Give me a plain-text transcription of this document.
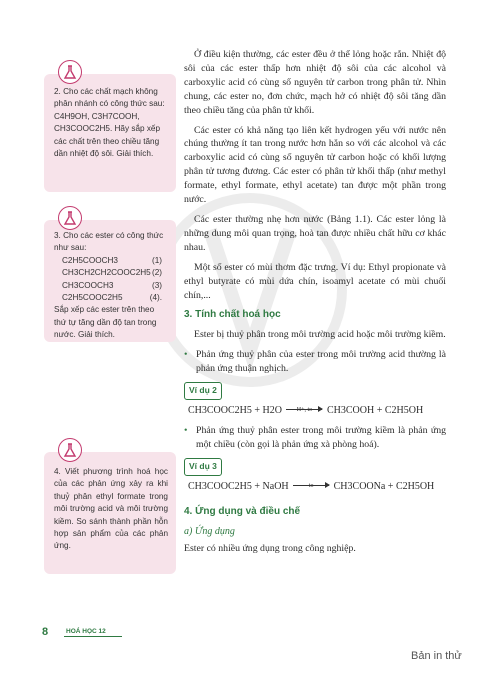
2. Cho các chất mạch không phân nhánh có công thức sau: C4H9OH, C3H7COOH, CH3COOC2H5. Hãy sắp xếp các chất trên theo chiều tăng dần nhiệt độ sôi. Giải thích.
3. Cho các ester có công thức như sau:
C2H5COOCH3	(1)
CH3CH2CH2COOC2H5 (2)
CH3COOCH3	(3)
C2H5COOC2H5	(4).
Sắp xếp các ester trên theo thứ tự tăng dần độ tan trong nước. Giải thích.
4. Viết phương trình hoá học của các phản ứng xảy ra khi thuỷ phân ethyl formate trong môi trường acid và môi trường kiềm. So sánh thành phần hỗn hợp sản phẩm của các phản ứng.

Ở điều kiện thường, các ester đều ở thể lỏng hoặc rắn. Nhiệt độ sôi của các ester thấp hơn nhiệt độ sôi của các alcohol và carboxylic acid có cùng số nguyên tử carbon trong phân tử. Nhìn chung, các ester no, đơn chức, mạch hở có nhiệt độ sôi tăng dần theo chiều tăng của phân tử khối.

Các ester có khả năng tạo liên kết hydrogen yếu với nước nên chúng thường ít tan trong nước hơn hẳn so với các alcohol và các carboxylic acid có cùng số nguyên tử carbon hoặc có khối lượng phân tử tương đương. Các ester có phân tử khối thấp (như methyl formate, ethyl formate, ethyl acetate) tan được một phần trong nước.

Các ester thường nhẹ hơn nước (Bảng 1.1). Các ester lỏng là những dung môi quan trọng, hoà tan được nhiều chất hữu cơ khác nhau.

Một số ester có mùi thơm đặc trưng. Ví dụ: Ethyl propionate và ethyl butyrate có mùi dứa chín, isoamyl acetate có mùi chuối chín,...

3. Tính chất hoá học

Ester bị thuỷ phân trong môi trường acid hoặc môi trường kiềm.

• Phản ứng thuỷ phân của ester trong môi trường acid thường là phản ứng thuận nghịch.
Ví dụ 2
CH3COOC2H5 + H2O	H+, to	CH3COOH + C2H5OH
• Phản ứng thuỷ phân ester trong môi trường kiềm là phản ứng một chiều (còn gọi là phản ứng xà phòng hoá).
Ví dụ 3
CH3COOC2H5 + NaOH	to	CH3COONa + C2H5OH
4. Ứng dụng và điều chế
a) Ứng dụng

Ester có nhiều ứng dụng trong công nghiệp.

8	HOÁ HỌC 12
Bản in thử
